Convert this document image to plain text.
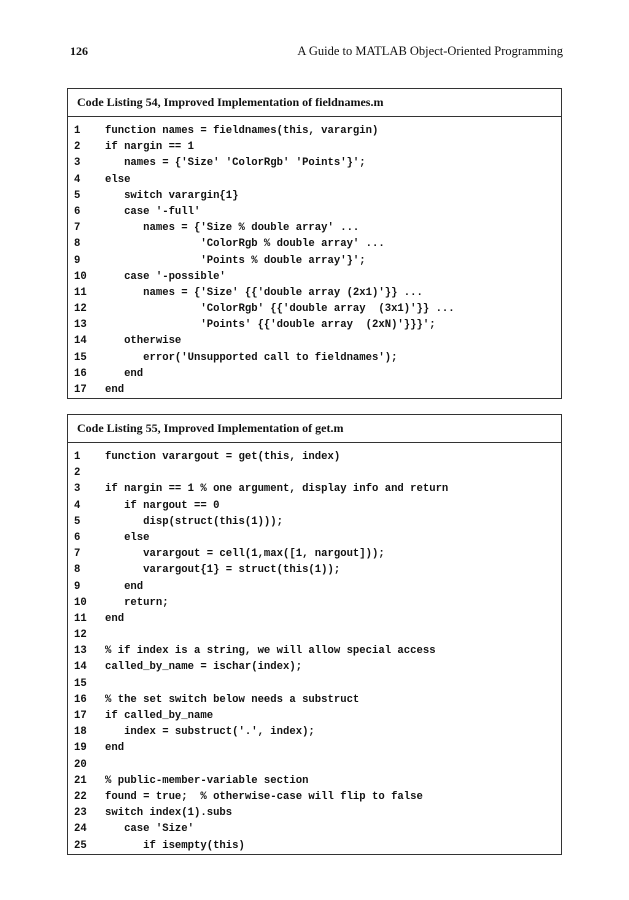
126	A Guide to MATLAB Object-Oriented Programming
Code Listing 54, Improved Implementation of fieldnames.m
1 function names = fieldnames(this, varargin)
2 if nargin == 1
3 names = {'Size' 'ColorRgb' 'Points'}';
4 else
5 switch varargin{1}
6 case '-full'
7 names = {'Size % double array' ...
8 'ColorRgb % double array' ...
9 'Points % double array'}';
10 case '-possible'
11 names = {'Size' {{'double array (2x1)'}} ...
12 'ColorRgb' {{'double array  (3x1)'}} ...
13 'Points' {{'double array  (2xN)'}}}';
14 otherwise
15 error('Unsupported call to fieldnames');
16 end
17 end
Code Listing 55, Improved Implementation of get.m
1 function varargout = get(this, index)
2
3 if nargin == 1 % one argument, display info and return
4 if nargout == 0
5 disp(struct(this(1)));
6 else
7 varargout = cell(1,max([1, nargout]));
8 varargout{1} = struct(this(1));
9 end
10 return;
11 end
12
13 % if index is a string, we will allow special access
14 called_by_name = ischar(index);
15
16 % the set switch below needs a substruct
17 if called_by_name
18 index = substruct('.', index);
19 end
20
21 % public-member-variable section
22 found = true;  % otherwise-case will flip to false
23 switch index(1).subs
24 case 'Size'
25 if isempty(this)
